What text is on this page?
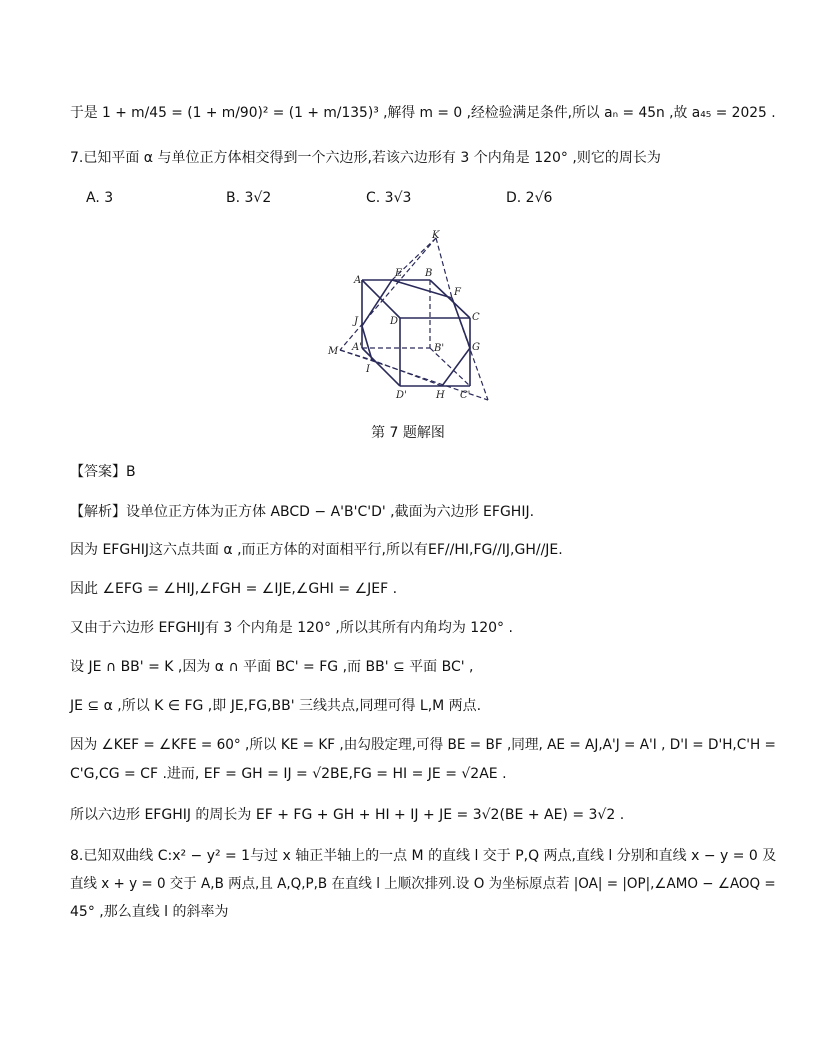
于是 1 + m/45 = (1 + m/90)² = (1 + m/135)³ ,解得 m = 0 ,经检验满足条件,所以 aₙ = 45n ,故 a₄₅ = 2025 .
7.已知平面 α 与单位正方体相交得到一个六边形,若该六边形有 3 个内角是 120° ,则它的周长为
A. 3	B. 3√2	C. 3√3	D. 2√6
K
E B
A
F
C
D
J
B'	G
M A'
I
H C'
D'
第 7 题解图
【答案】B
【解析】设单位正方体为正方体 ABCD − A'B'C'D' ,截面为六边形 EFGHIJ.
因为 EFGHIJ这六点共面 α ,而正方体的对面相平行,所以有EF//HI,FG//IJ,GH//JE.
因此 ∠EFG = ∠HIJ,∠FGH = ∠IJE,∠GHI = ∠JEF .
又由于六边形 EFGHIJ有 3 个内角是 120° ,所以其所有内角均为 120° .
设 JE ∩ BB' = K ,因为 α ∩ 平面 BC' = FG ,而 BB' ⊆ 平面 BC' ,
JE ⊆ α ,所以 K ∈ FG ,即 JE,FG,BB' 三线共点,同理可得 L,M 两点.
因为 ∠KEF = ∠KFE = 60° ,所以 KE = KF ,由勾股定理,可得 BE = BF ,同理, AE = AJ,A'J = A'I , D'I = D'H,C'H =
C'G,CG = CF .进而, EF = GH = IJ = √2BE,FG = HI = JE = √2AE .
所以六边形 EFGHIJ 的周长为 EF + FG + GH + HI + IJ + JE = 3√2(BE + AE) = 3√2 .
8.已知双曲线 C:x² − y² = 1与过 x 轴正半轴上的一点 M 的直线 l 交于 P,Q 两点,直线 l 分别和直线 x − y = 0 及
直线 x + y = 0 交于 A,B 两点,且 A,Q,P,B 在直线 l 上顺次排列.设 O 为坐标原点若 |OA| = |OP|,∠AMO − ∠AOQ =
45° ,那么直线 l 的斜率为
